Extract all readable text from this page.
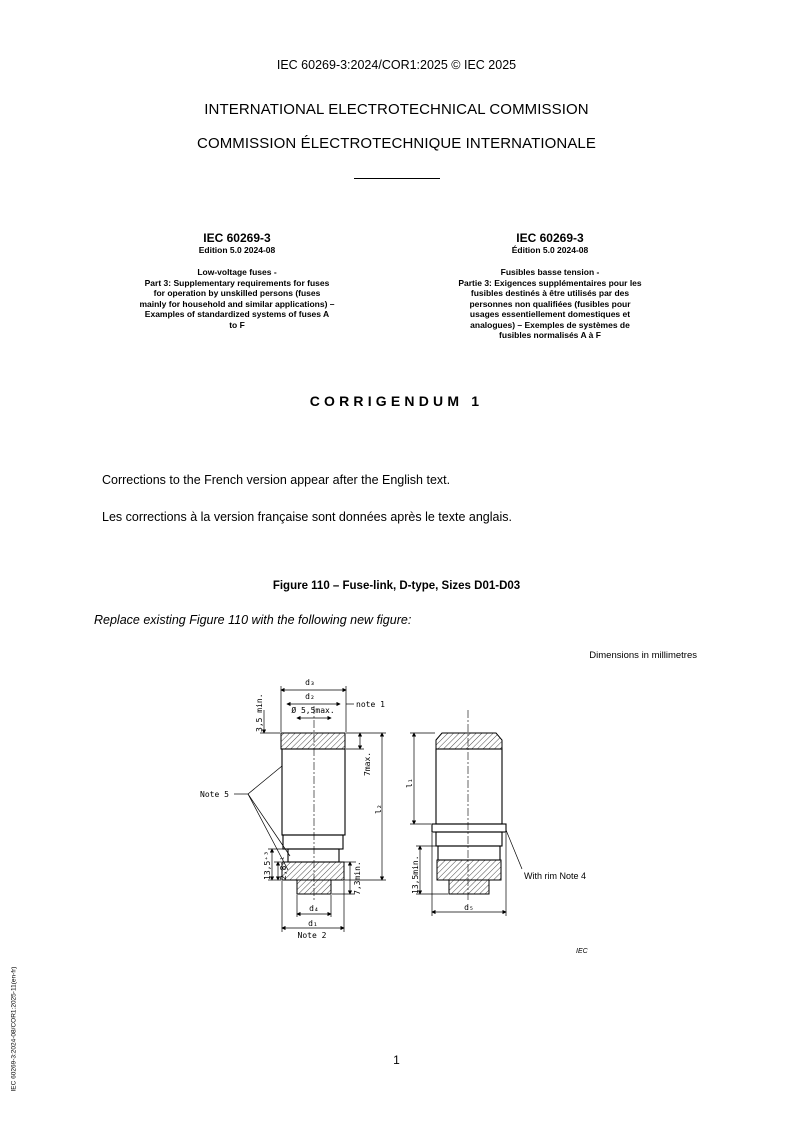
IEC 60269-3:2024/COR1:2025 © IEC 2025
INTERNATIONAL ELECTROTECHNICAL COMMISSION
COMMISSION ÉLECTROTECHNIQUE INTERNATIONALE
IEC 60269-3
Edition 5.0 2024-08
Low-voltage fuses -
Part 3: Supplementary requirements for fuses
for operation by unskilled persons (fuses
mainly for household and similar applications) –
Examples of standardized systems of fuses A
to F
IEC 60269-3
Édition 5.0 2024-08
Fusibles basse tension -
Partie 3: Exigences supplémentaires pour les
fusibles destinés à être utilisés par des
personnes non qualifiées (fusibles pour
usages essentiellement domestiques et
analogues) – Exemples de systèmes de
fusibles normalisés A à F
CORRIGENDUM 1
Corrections to the French version appear after the English text.
Les corrections à la version française sont données après le texte anglais.
Figure 110 – Fuse-link, D-type, Sizes D01-D03
Replace existing Figure 110 with the following new figure:
Dimensions in millimetres
d₃
d₂
Ø 5,5max.
note 1
3,5 min.
7max.
l₂
l₁
Note 5
13,5⁺³ 2,8⁺¹	7,3min.	13,5min.
d₄
d₁
Note 2
d₅
With rim Note 4
IEC
1
IEC 60269-3:2024-08/COR1:2025-11(en-fr)
